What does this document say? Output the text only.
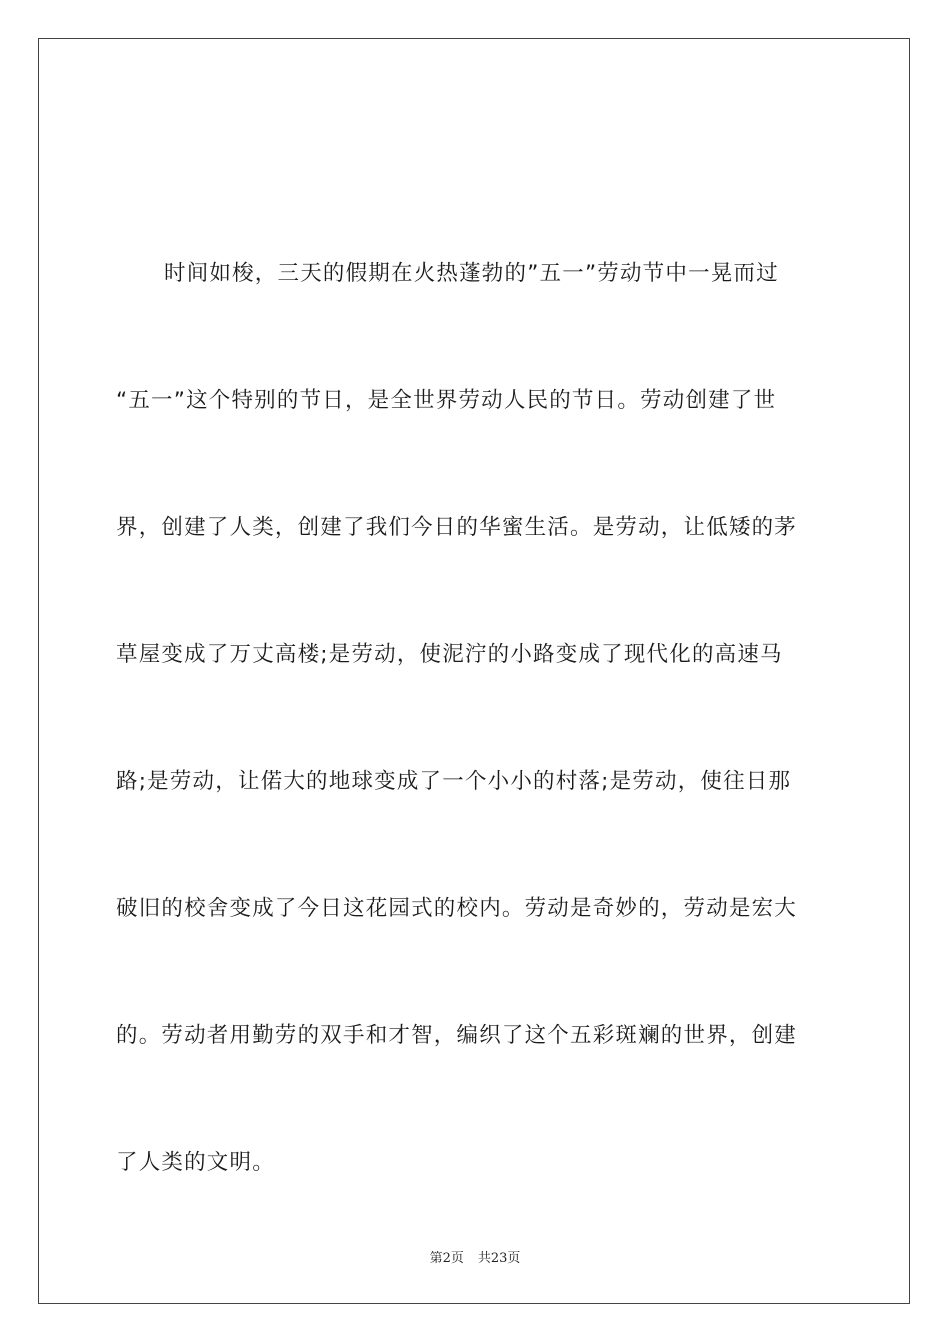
时间如梭，三天的假期在火热蓬勃的”五一”劳动节中一晃而过
“五一”这个特别的节日，是全世界劳动人民的节日。劳动创建了世
界，创建了人类，创建了我们今日的华蜜生活。是劳动，让低矮的茅
草屋变成了万丈高楼;是劳动，使泥泞的小路变成了现代化的高速马
路;是劳动，让偌大的地球变成了一个小小的村落;是劳动，使往日那
破旧的校舍变成了今日这花园式的校内。劳动是奇妙的，劳动是宏大
的。劳动者用勤劳的双手和才智，编织了这个五彩斑斓的世界，创建
了人类的文明。
第2页 共23页
